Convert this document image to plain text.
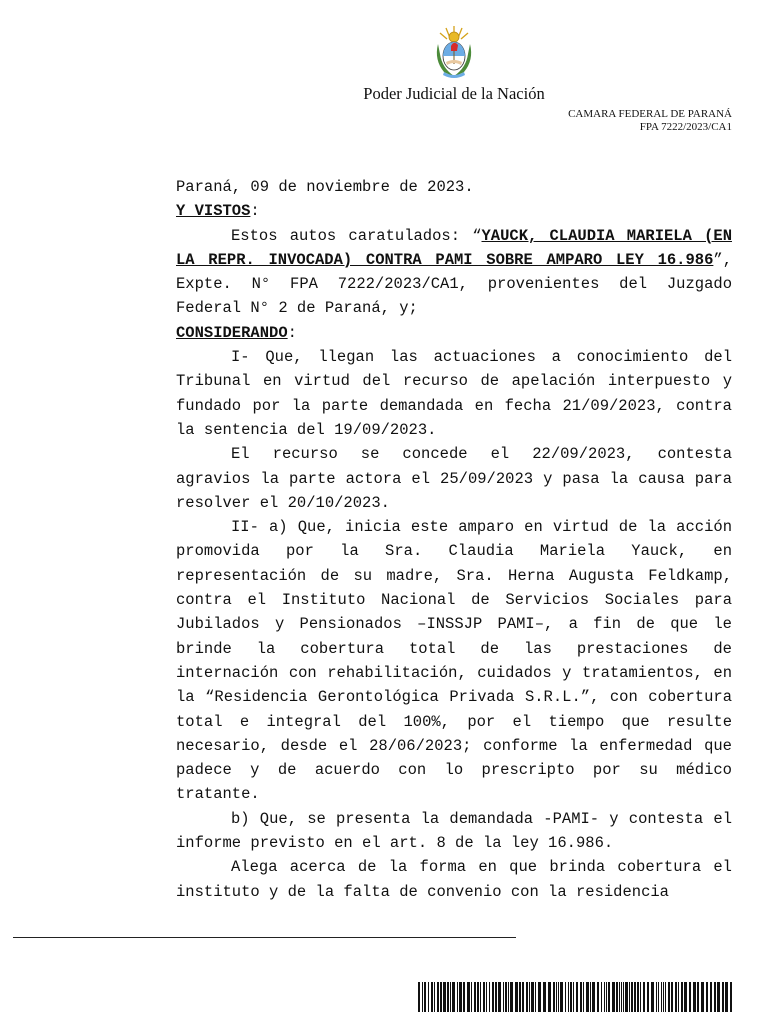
Poder Judicial de la Nación
CAMARA FEDERAL DE PARANÁ
FPA 7222/2023/CA1

Paraná, 09 de noviembre de 2023.

Y VISTOS:

Estos autos caratulados: “YAUCK, CLAUDIA MARIELA (EN LA REPR. INVOCADA) CONTRA PAMI SOBRE AMPARO LEY 16.986”, Expte. N° FPA 7222/2023/CA1, provenientes del Juzgado Federal N° 2 de Paraná, y;

CONSIDERANDO:

I- Que, llegan las actuaciones a conocimiento del Tribunal en virtud del recurso de apelación interpuesto y fundado por la parte demandada en fecha 21/09/2023, contra la sentencia del 19/09/2023.

El recurso se concede el 22/09/2023, contesta agravios la parte actora el 25/09/2023 y pasa la causa para resolver el 20/10/2023.

II- a) Que, inicia este amparo en virtud de la acción promovida por la Sra. Claudia Mariela Yauck, en representación de su madre, Sra. Herna Augusta Feldkamp, contra el Instituto Nacional de Servicios Sociales para Jubilados y Pensionados –INSSJP PAMI–, a fin de que le brinde la cobertura total de las prestaciones de internación con rehabilitación, cuidados y tratamientos, en la “Residencia Gerontológica Privada S.R.L.”, con cobertura total e integral del 100%, por el tiempo que resulte necesario, desde el 28/06/2023; conforme la enfermedad que padece y de acuerdo con lo prescripto por su médico tratante.

b) Que, se presenta la demandada -PAMI- y contesta el informe previsto en el art. 8 de la ley 16.986.

Alega acerca de la forma en que brinda cobertura el instituto y de la falta de convenio con la residencia
